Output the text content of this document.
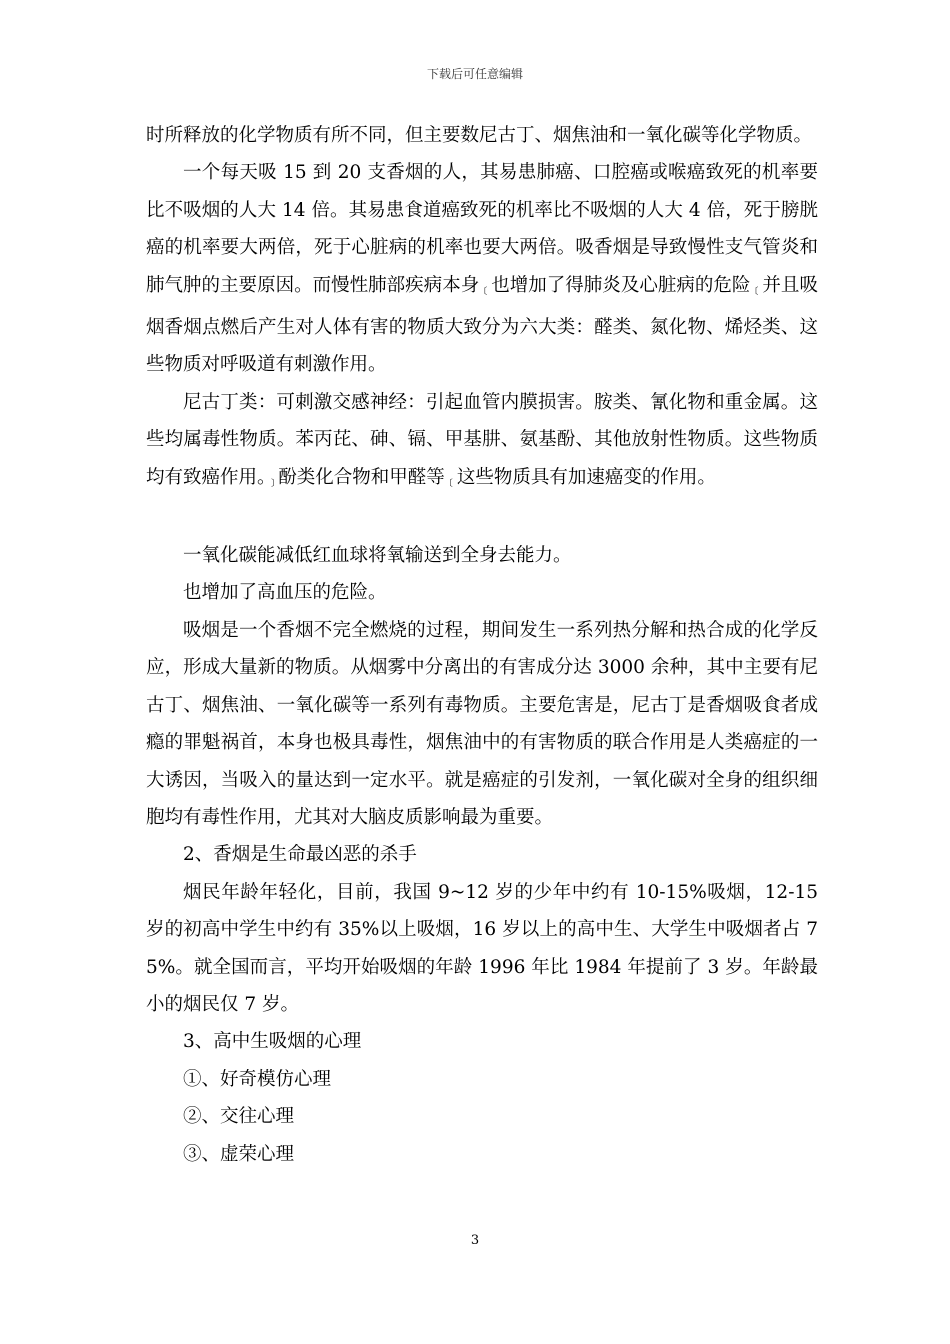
下载后可任意编辑

时所释放的化学物质有所不同，但主要数尼古丁、烟焦油和一氧化碳等化学物质。

一个每天吸 15 到 20 支香烟的人，其易患肺癌、口腔癌或喉癌致死的机率要比不吸烟的人大 14 倍。其易患食道癌致死的机率比不吸烟的人大 4 倍，死于膀胱癌的机率要大两倍，死于心脏病的机率也要大两倍。吸香烟是导致慢性支气管炎和肺气肿的主要原因。而慢性肺部疾病本身﹝也增加了得肺炎及心脏病的危险﹝并且吸烟香烟点燃后产生对人体有害的物质大致分为六大类：醛类、氮化物、烯烃类、这些物质对呼吸道有刺激作用。

尼古丁类：可刺激交感神经：引起血管内膜损害。胺类、氰化物和重金属。这些均属毒性物质。苯丙芘、砷、镉、甲基肼、氨基酚、其他放射性物质。这些物质均有致癌作用。﹞酚类化合物和甲醛等﹝这些物质具有加速癌变的作用。

一氧化碳能减低红血球将氧输送到全身去能力。

也增加了高血压的危险。

吸烟是一个香烟不完全燃烧的过程，期间发生一系列热分解和热合成的化学反应，形成大量新的物质。从烟雾中分离出的有害成分达 3000 余种，其中主要有尼古丁、烟焦油、一氧化碳等一系列有毒物质。主要危害是，尼古丁是香烟吸食者成瘾的罪魁祸首，本身也极具毒性，烟焦油中的有害物质的联合作用是人类癌症的一大诱因，当吸入的量达到一定水平。就是癌症的引发剂，一氧化碳对全身的组织细胞均有毒性作用，尤其对大脑皮质影响最为重要。

2、香烟是生命最凶恶的杀手

烟民年龄年轻化，目前，我国 9~12 岁的少年中约有 10-15%吸烟，12-15 岁的初高中学生中约有 35%以上吸烟，16 岁以上的高中生、大学生中吸烟者占 75%。就全国而言，平均开始吸烟的年龄 1996 年比 1984 年提前了 3 岁。年龄最小的烟民仅 7 岁。

3、高中生吸烟的心理

①、好奇模仿心理

②、交往心理

③、虚荣心理

3
